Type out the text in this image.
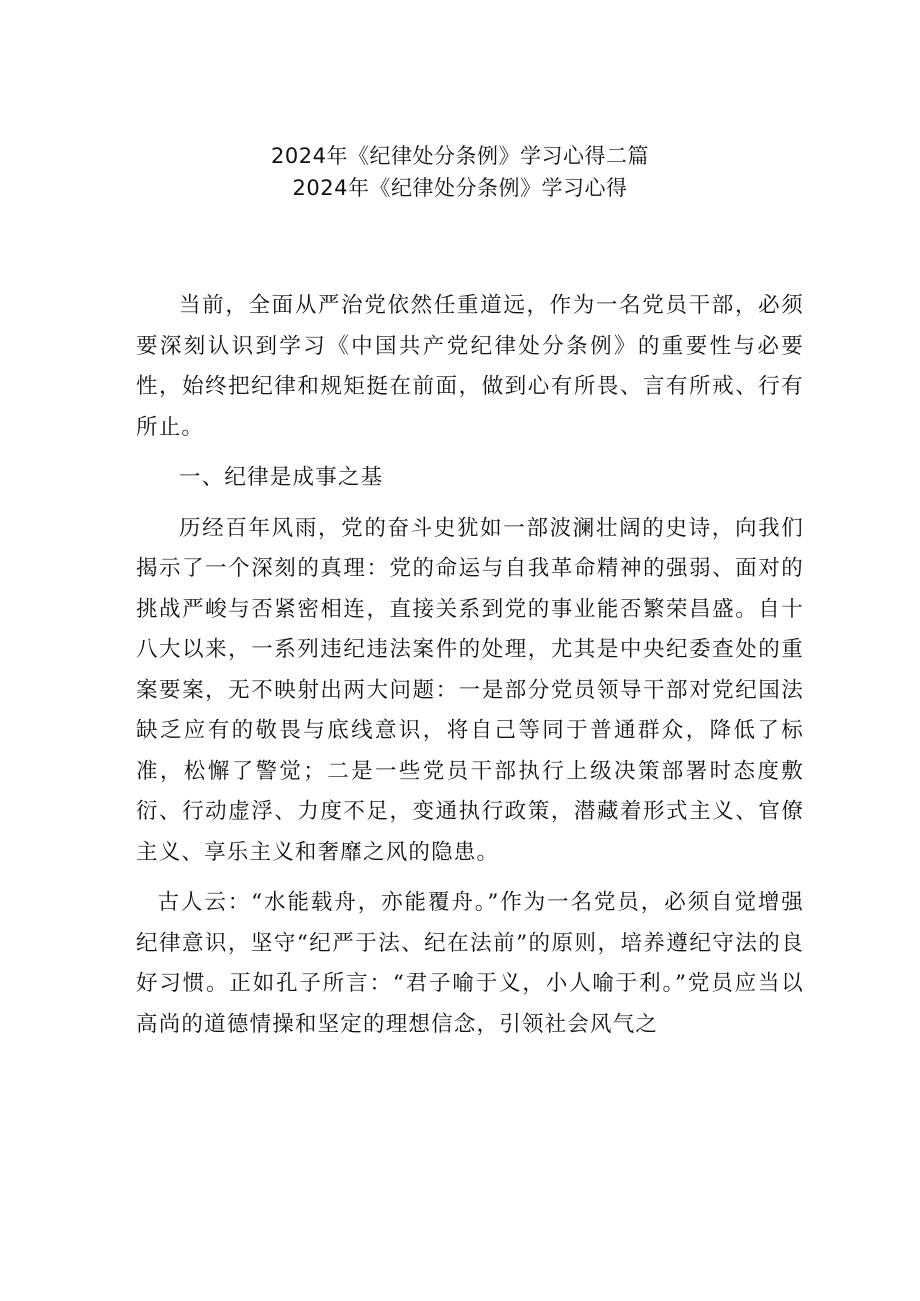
2024年《纪律处分条例》学习心得二篇
2024年《纪律处分条例》学习心得

当前，全面从严治党依然任重道远，作为一名党员干部，必须要深刻认识到学习《中国共产党纪律处分条例》的重要性与必要性，始终把纪律和规矩挺在前面，做到心有所畏、言有所戒、行有所止。

一、纪律是成事之基

历经百年风雨，党的奋斗史犹如一部波澜壮阔的史诗，向我们揭示了一个深刻的真理：党的命运与自我革命精神的强弱、面对的挑战严峻与否紧密相连，直接关系到党的事业能否繁荣昌盛。自十八大以来，一系列违纪违法案件的处理，尤其是中央纪委查处的重案要案，无不映射出两大问题：一是部分党员领导干部对党纪国法缺乏应有的敬畏与底线意识，将自己等同于普通群众，降低了标准，松懈了警觉；二是一些党员干部执行上级决策部署时态度敷衍、行动虚浮、力度不足，变通执行政策，潜藏着形式主义、官僚主义、享乐主义和奢靡之风的隐患。

古人云：“水能载舟，亦能覆舟。”作为一名党员，必须自觉增强纪律意识，坚守“纪严于法、纪在法前”的原则，培养遵纪守法的良好习惯。正如孔子所言：“君子喻于义，小人喻于利。”党员应当以高尚的道德情操和坚定的理想信念，引领社会风气之
